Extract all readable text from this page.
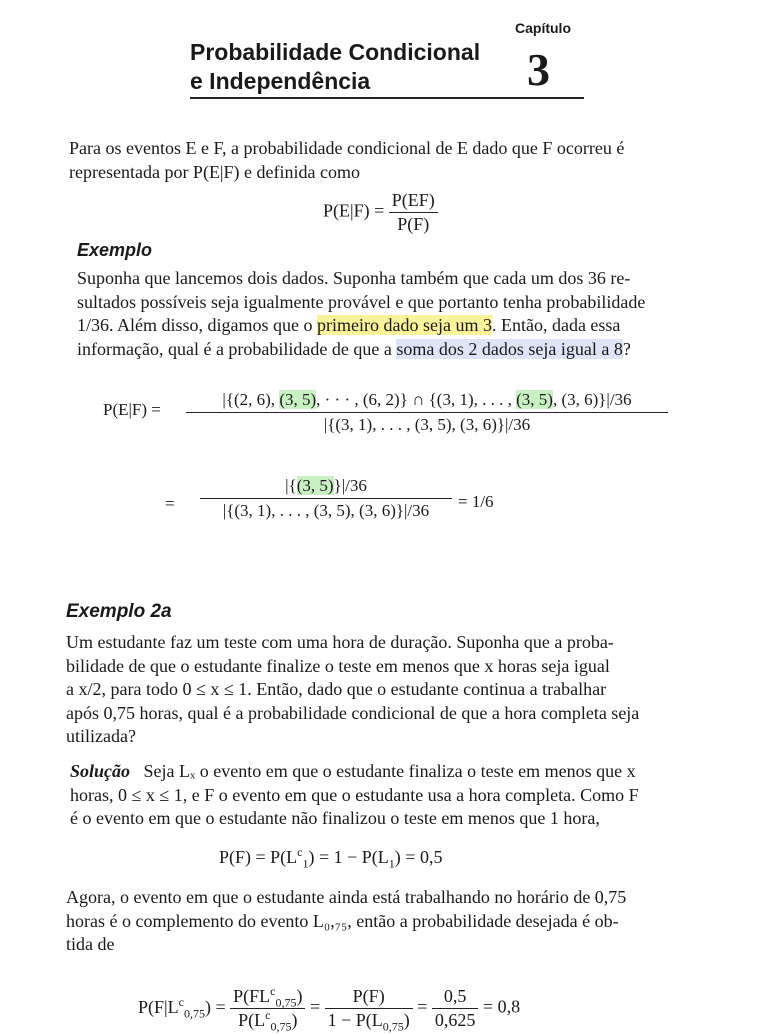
Capítulo
3
Probabilidade Condicional
e Independência
Para os eventos E e F, a probabilidade condicional de E dado que F ocorreu é
representada por P(E|F) e definida como
$P(E|F) = \frac{P(EF)}{P(F)}$
Exemplo
Suponha que lancemos dois dados. Suponha também que cada um dos 36 re-
sultados possíveis seja igualmente provável e que portanto tenha probabilidade
1/36. Além disso, digamos que o primeiro dado seja um 3. Então, dada essa
informação, qual é a probabilidade de que a soma dos 2 dados seja igual a 8?
P(E|F) =
|{(2, 6), (3, 5), · · · , (6, 2)} ∩ {(3, 1), . . . , (3, 5), (3, 6)}|/36
|{(3, 1), . . . , (3, 5), (3, 6)}|/36
= $\frac{|\{(3, 5)\}|/36}{|\{(3, 1), . . . , (3, 5), (3, 6)\}|/36} = 1/6$
Exemplo 2a
Um estudante faz um teste com uma hora de duração. Suponha que a proba-
bilidade de que o estudante finalize o teste em menos que x horas seja igual
a x/2, para todo 0 ≤ x ≤ 1. Então, dado que o estudante continua a trabalhar
após 0,75 horas, qual é a probabilidade condicional de que a hora completa seja
utilizada?
Solução Seja Lₓ o evento em que o estudante finaliza o teste em menos que x
horas, 0 ≤ x ≤ 1, e F o evento em que o estudante usa a hora completa. Como F
é o evento em que o estudante não finalizou o teste em menos que 1 hora,
$P(F) = P(L^c_1) = 1 - P(L_1) = 0,5$
Agora, o evento em que o estudante ainda está trabalhando no horário de 0,75
horas é o complemento do evento L₀,₇₅, então a probabilidade desejada é ob-
tida de
$P(F|L^c_{0,75}) = \frac{P(FL^c_{0,75})}{P(L^c_{0,75})} = \frac{P(F)}{1 - P(L_{0,75})} = \frac{0,5}{0,625} = 0,8$
